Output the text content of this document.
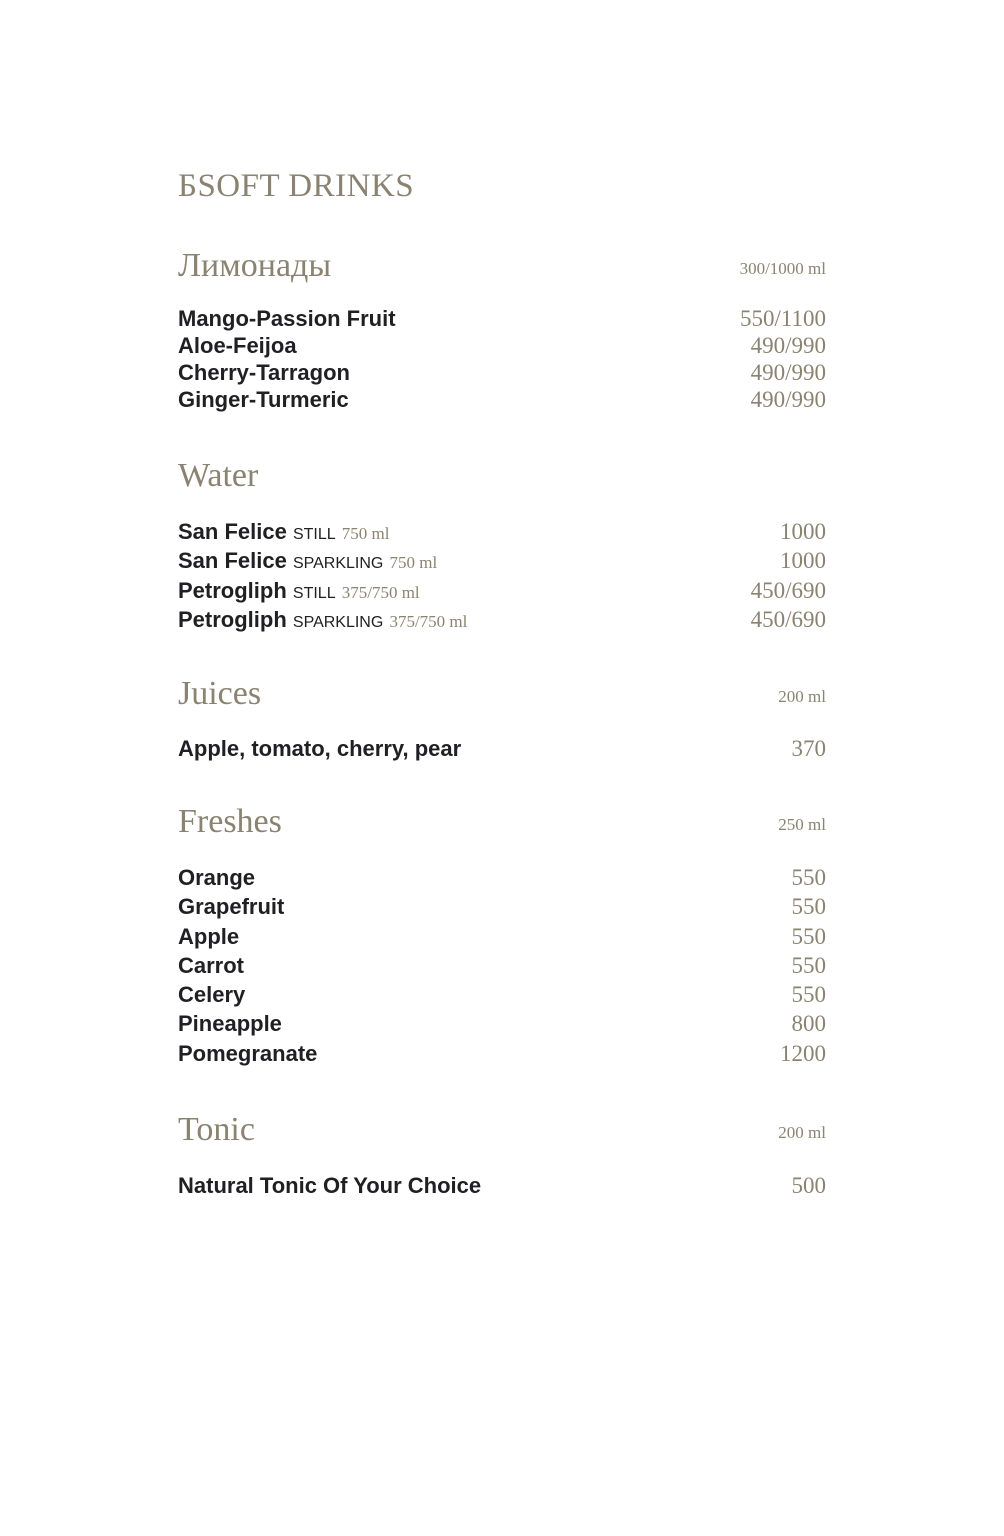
БSOFT DRINKS
Лимонады	300/1000 ml
Mango-Passion Fruit	550/1100
Aloe-Feijoa	490/990
Cherry-Tarragon	490/990
Ginger-Turmeric	490/990
Water
San Felice STILL 750 ml	1000
San Felice SPARKLING 750 ml	1000
Petrogliph STILL 375/750 ml	450/690
Petrogliph SPARKLING 375/750 ml	450/690
Juices	200 ml
Apple, tomato, cherry, pear	370
Freshes	250 ml
Orange	550
Grapefruit	550
Apple	550
Carrot	550
Celery	550
Pineapple	800
Pomegranate	1200
Tonic	200 ml
Natural Tonic Of Your Choice	500
